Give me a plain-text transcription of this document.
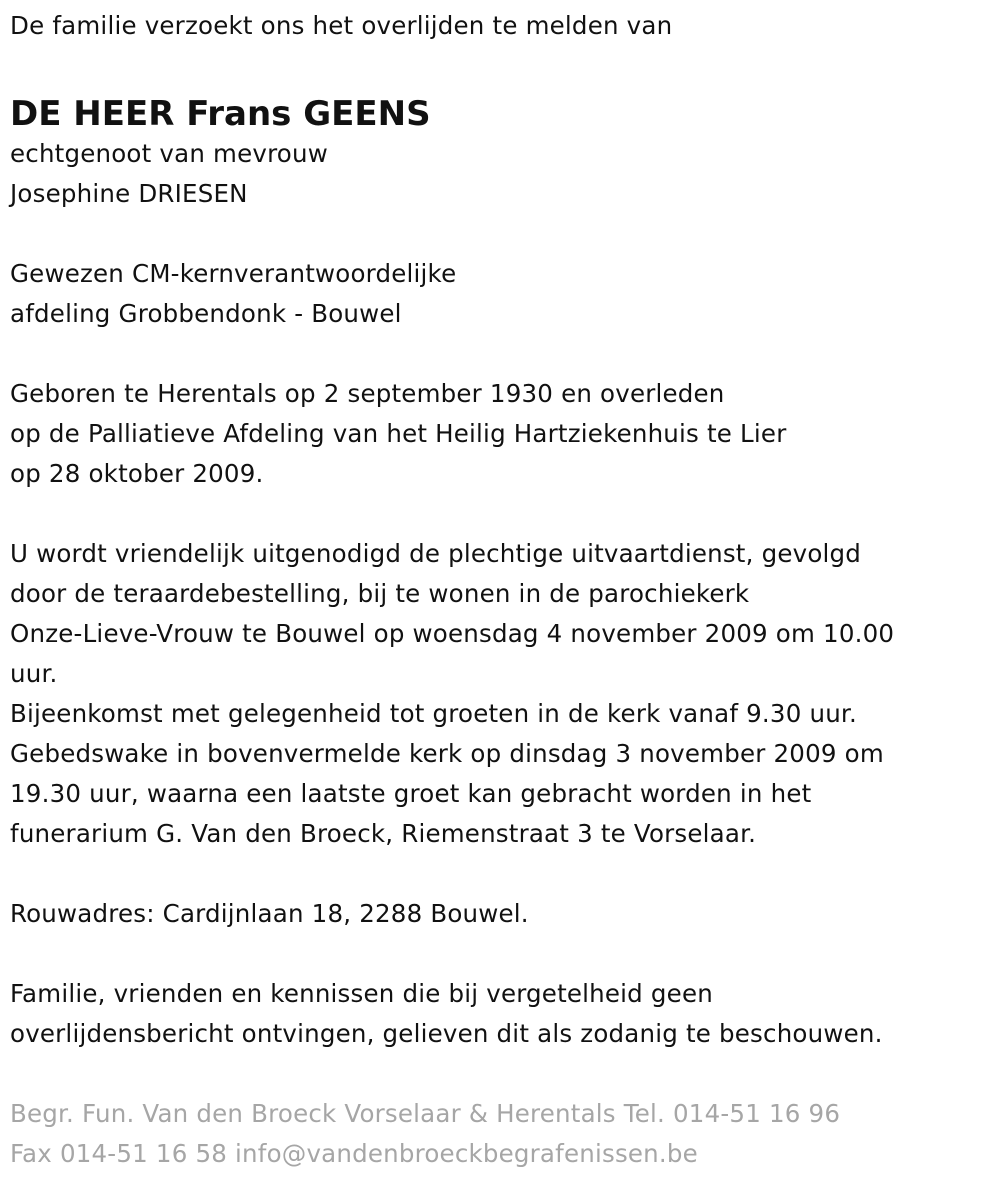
De familie verzoekt ons het overlijden te melden van
DE HEER Frans GEENS
echtgenoot van mevrouw
Josephine DRIESEN
Gewezen CM-kernverantwoordelijke
afdeling Grobbendonk - Bouwel
Geboren te Herentals op 2 september 1930 en overleden
op de Palliatieve Afdeling van het Heilig Hartziekenhuis te Lier
op 28 oktober 2009.
U wordt vriendelijk uitgenodigd de plechtige uitvaartdienst, gevolgd
door de teraardebestelling, bij te wonen in de parochiekerk
Onze-Lieve-Vrouw te Bouwel op woensdag 4 november 2009 om 10.00
uur.
Bijeenkomst met gelegenheid tot groeten in de kerk vanaf 9.30 uur.
Gebedswake in bovenvermelde kerk op dinsdag 3 november 2009 om
19.30 uur, waarna een laatste groet kan gebracht worden in het
funerarium G. Van den Broeck, Riemenstraat 3 te Vorselaar.
Rouwadres: Cardijnlaan 18, 2288 Bouwel.
Familie, vrienden en kennissen die bij vergetelheid geen
overlijdensbericht ontvingen, gelieven dit als zodanig te beschouwen.
Begr. Fun. Van den Broeck Vorselaar & Herentals Tel. 014-51 16 96
Fax 014-51 16 58 info@vandenbroeckbegrafenissen.be
